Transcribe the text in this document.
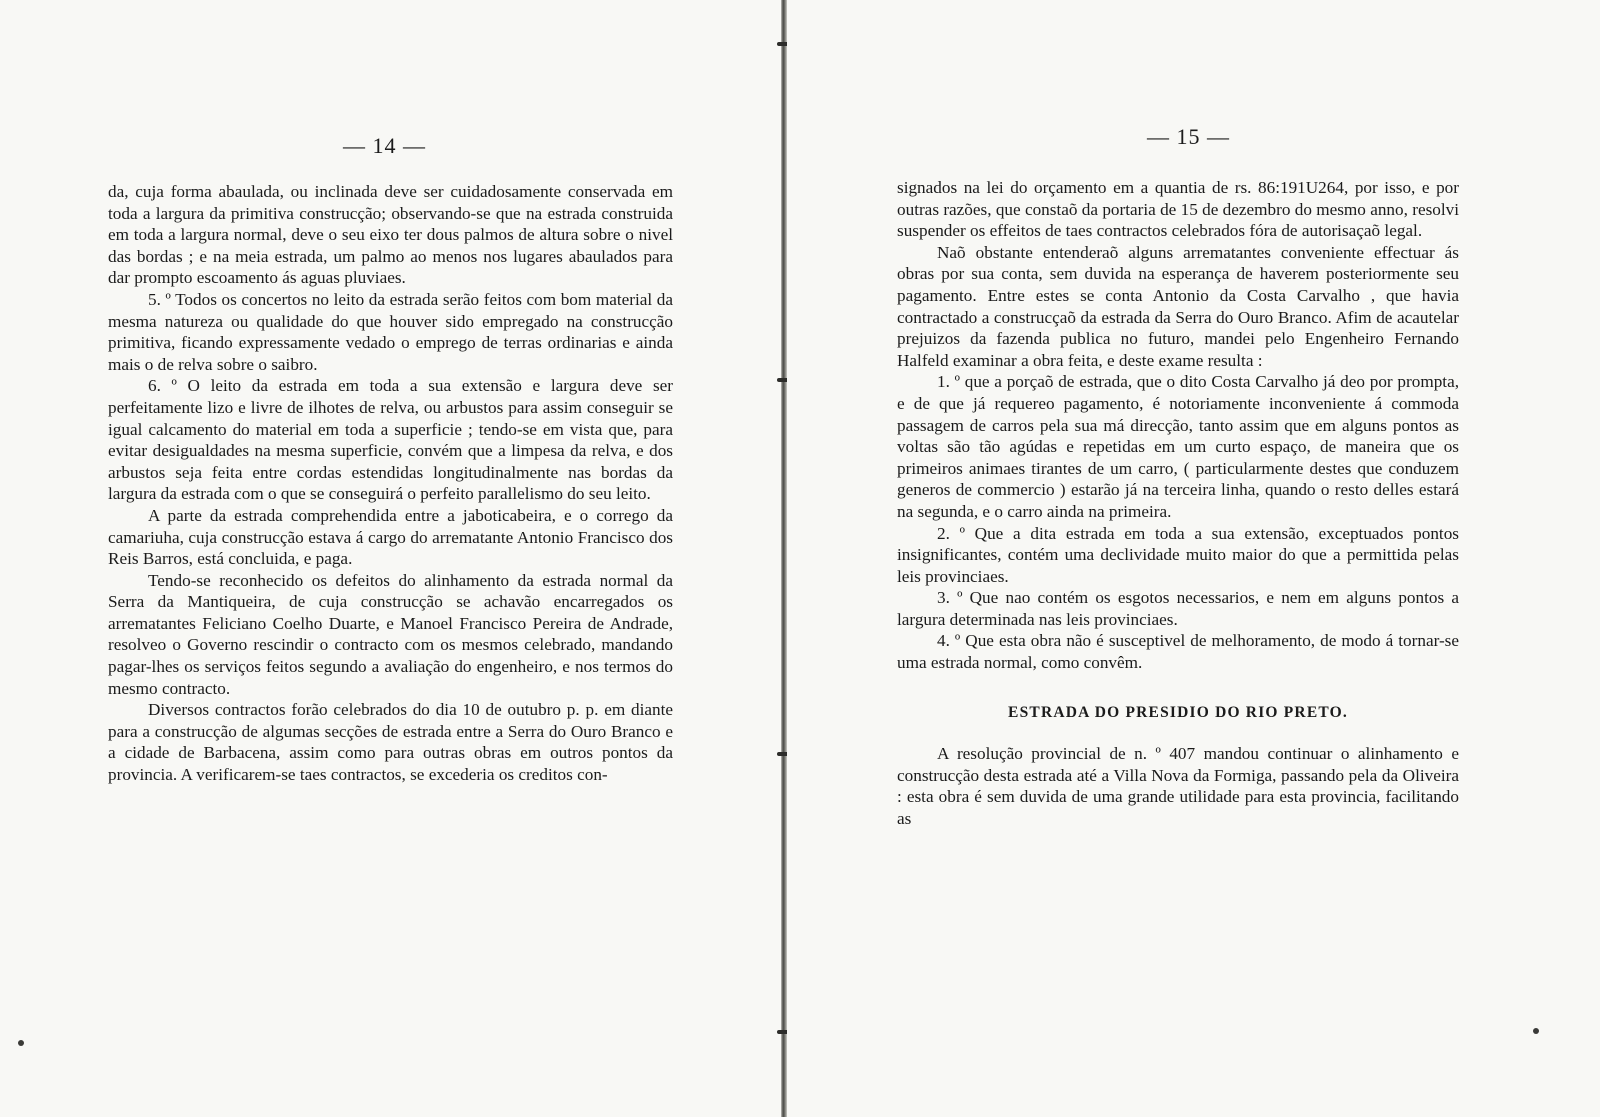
— 14 —

da, cuja forma abaulada, ou inclinada deve ser cuidadosamente conservada em toda a largura da primitiva construcção; observando-se que na estrada construida em toda a largura normal, deve o seu eixo ter dous palmos de altura sobre o nivel das bordas ; e na meia estrada, um palmo ao menos nos lugares abaulados para dar prompto escoamento ás aguas pluviaes.

5. º Todos os concertos no leito da estrada serão feitos com bom material da mesma natureza ou qualidade do que houver sido empregado na construcção primitiva, ficando expressamente vedado o emprego de terras ordinarias e ainda mais o de relva sobre o saibro.

6. º O leito da estrada em toda a sua extensão e largura deve ser perfeitamente lizo e livre de ilhotes de relva, ou arbustos para assim conseguir se igual calcamento do material em toda a superficie ; tendo-se em vista que, para evitar desigualdades na mesma superficie, convém que a limpesa da relva, e dos arbustos seja feita entre cordas estendidas longitudinalmente nas bordas da largura da estrada com o que se conseguirá o perfeito parallelismo do seu leito.

A parte da estrada comprehendida entre a jaboticabeira, e o corrego da camariuha, cuja construcção estava á cargo do arrematante Antonio Francisco dos Reis Barros, está concluida, e paga.

Tendo-se reconhecido os defeitos do alinhamento da estrada normal da Serra da Mantiqueira, de cuja construcção se achavão encarregados os arrematantes Feliciano Coelho Duarte, e Manoel Francisco Pereira de Andrade, resolveo o Governo rescindir o contracto com os mesmos celebrado, mandando pagar-lhes os serviços feitos segundo a avaliação do engenheiro, e nos termos do mesmo contracto.

Diversos contractos forão celebrados do dia 10 de outubro p. p. em diante para a construcção de algumas secções de estrada entre a Serra do Ouro Branco e a cidade de Barbacena, assim como para outras obras em outros pontos da provincia. A verificarem-se taes contractos, se excederia os creditos con-

— 15 —

signados na lei do orçamento em a quantia de rs. 86:191U264, por isso, e por outras razões, que constaõ da portaria de 15 de dezembro do mesmo anno, resolvi suspender os effeitos de taes contractos celebrados fóra de autorisaçaõ legal.

Naõ obstante entenderaõ alguns arrematantes conveniente effectuar ás obras por sua conta, sem duvida na esperança de haverem posteriormente seu pagamento. Entre estes se conta Antonio da Costa Carvalho , que havia contractado a construcçaõ da estrada da Serra do Ouro Branco. Afim de acautelar prejuizos da fazenda publica no futuro, mandei pelo Engenheiro Fernando Halfeld examinar a obra feita, e deste exame resulta :

1. º que a porçaõ de estrada, que o dito Costa Carvalho já deo por prompta, e de que já requereo pagamento, é notoriamente inconveniente á commoda passagem de carros pela sua má direcção, tanto assim que em alguns pontos as voltas são tão agúdas e repetidas em um curto espaço, de maneira que os primeiros animaes tirantes de um carro, ( particularmente destes que conduzem generos de commercio ) estarão já na terceira linha, quando o resto delles estará na segunda, e o carro ainda na primeira.

2. º Que a dita estrada em toda a sua extensão, exceptuados pontos insignificantes, contém uma declividade muito maior do que a permittida pelas leis provinciaes.

3. º Que nao contém os esgotos necessarios, e nem em alguns pontos a largura determinada nas leis provinciaes.

4. º Que esta obra não é susceptivel de melhoramento, de modo á tornar-se uma estrada normal, como convêm.

ESTRADA DO PRESIDIO DO RIO PRETO.

A resolução provincial de n. º 407 mandou continuar o alinhamento e construcção desta estrada até a Villa Nova da Formiga, passando pela da Oliveira : esta obra é sem duvida de uma grande utilidade para esta provincia, facilitando as
